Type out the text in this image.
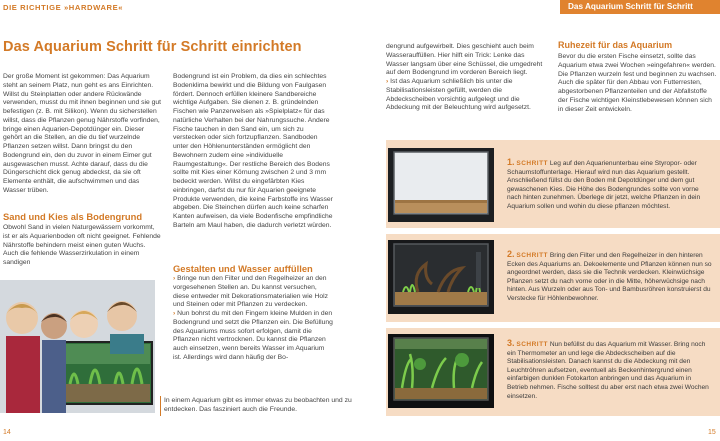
DIE RICHTIGE »HARDWARE«	Das Aquarium Schritt für Schritt einrichten
Das Aquarium Schritt für Schritt einrichten

Der große Moment ist gekommen: Das Aquarium steht an seinem Platz, nun geht es ans Einrichten. Willst du Steinplatten oder andere Rückwände verwenden, musst du mit ihnen beginnen und sie gut befestigen (z. B. mit Silikon). Wenn du sicherstellen willst, dass die Pflanzen genug Nährstoffe vorfinden, bringe einen Aquarien-Depotdünger ein. Dieser gehört an die Stellen, an die du tief wurzelnde Pflanzen setzen willst. Dann bringst du den Bodengrund ein, den du zuvor in einem Eimer gut ausgewaschen musst. Achte darauf, dass du die Düngerschicht dick genug abdeckst, da sie oft Elemente enthält, die aufschwimmen und das Wasser trüben.

Sand und Kies als Bodengrund
Obwohl Sand in vielen Naturgewässern vorkommt, ist er als Aquarienboden oft nicht geeignet. Fehlende Nährstoffe behindern meist einen guten Wuchs. Auch die fehlende Wasserzirkulation in einem sandigen
Bodengrund ist ein Problem, da dies ein schlechtes Bodenklima bewirkt und die Bildung von Faulgasen fördert. Dennoch erfüllen kleinere Sandbereiche wichtige Aufgaben. Sie dienen z. B. gründelnden Fischen wie Panzerwelsen als »Spielplatz« für das natürliche Verhalten bei der Nahrungssuche. Andere Fische tauchen in den Sand ein, um sich zu verstecken oder sich fortzupflanzen. Sandboden unter den Höhlenunterständen ermöglicht den Bewohnern zudem eine »individuelle Raumgestaltung«. Der restliche Bereich des Bodens sollte mit Kies einer Körnung zwischen 2 und 3 mm bedeckt werden. Willst du eingefärbten Kies einbringen, darfst du nur für Aquarien geeignete Produkte verwenden, die keine Farbstoffe ins Wasser abgeben. Die Steinchen dürfen auch keine scharfen Kanten aufweisen, da viele Bodenfische empfindliche Barteln am Maul haben, die dadurch verletzt würden.
Gestalten und Wasser auffüllen

› Bringe nun den Filter und den Regelheizer an den vorgesehenen Stellen an. Du kannst versuchen, diese entweder mit Dekorationsmaterialien wie Holz und Steinen oder mit Pflanzen zu verdecken.

› Nun bohrst du mit den Fingern kleine Mulden in den Bodengrund und setzt die Pflanzen ein. Die Befüllung des Aquariums muss sofort erfolgen, damit die Pflanzen nicht vertrocknen. Du kannst die Pflanzen auch einsetzen, wenn bereits Wasser im Aquarium ist. Allerdings wird dann häufig der Bo-

In einem Aquarium gibt es immer etwas zu beobachten und zu entdecken. Das fasziniert auch die Freunde.

dengrund aufgewirbelt. Dies geschieht auch beim Wasserauffüllen. Hier hilft ein Trick: Lenke das Wasser langsam über eine Schüssel, die umgedreht auf dem Bodengrund im vorderen Bereich liegt.

› Ist das Aquarium schließlich bis unter die Stabilisationsleisten gefüllt, werden die Abdeckscheiben vorsichtig aufgelegt und die Abdeckung mit der Beleuchtung wird aufgesetzt.

Ruhezeit für das Aquarium
Bevor du die ersten Fische einsetzt, sollte das Aquarium etwa zwei Wochen »eingefahren« werden. Die Pflanzen wurzeln fest und beginnen zu wachsen. Auch die später für den Abbau von Futterresten, abgestorbenen Pflanzenteilen und der Abfallstoffe der Fische wichtigen Kleinstlebewesen können sich in dieser Zeit entwickeln.
1. SCHRITT Leg auf den Aquarienunterbau eine Styropor- oder Schaumstoffunterlage. Hierauf wird nun das Aquarium gestellt. Anschließend füllst du den Boden mit Depotdünger und dem gut gewaschenen Kies. Die Höhe des Bodengrundes sollte von vorne nach hinten zunehmen. Überlege dir jetzt, welche Pflanzen in dein Aquarium sollen und wohin du diese pflanzen möchtest.
2. SCHRITT Bring den Filter und den Regelheizer in den hinteren Ecken des Aquariums an. Dekoelemente und Pflanzen können nun so angeordnet werden, dass sie die Technik verdecken. Kleinwüchsige Pflanzen setzt du nach vorne oder in die Mitte, höherwüchsige nach hinten. Aus Wurzeln oder aus Ton- und Bambusröhren konstruierst du Verstecke für Höhlenbewohner.
3. SCHRITT Nun befüllst du das Aquarium mit Wasser. Bring noch ein Thermometer an und lege die Abdeckscheiben auf die Stabilisationsleisten. Danach kannst du die Abdeckung mit den Leuchtröhren aufsetzen, eventuell als Beckenhintergrund einen einfarbigen dunklen Fotokarton anbringen und das Aquarium in Betrieb nehmen. Fische solltest du aber erst nach etwa zwei Wochen einsetzen.
14	15
